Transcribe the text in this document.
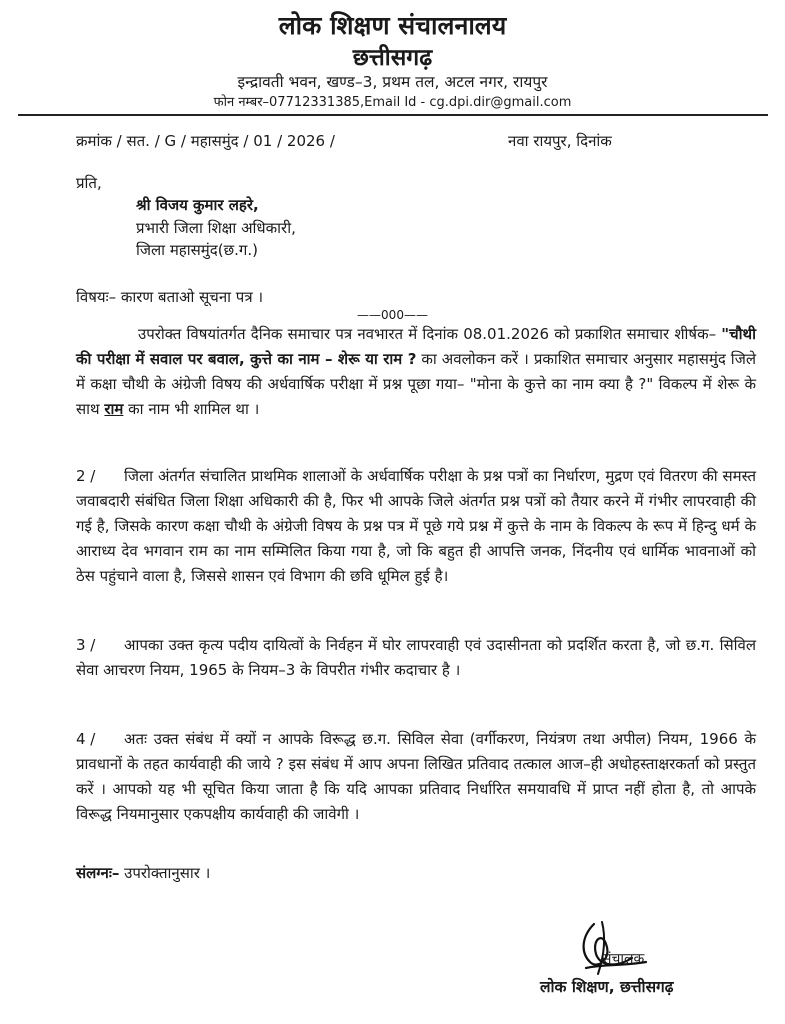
लोक शिक्षण संचालनालय
छत्तीसगढ़
इन्द्रावती भवन, खण्ड–3, प्रथम तल, अटल नगर, रायपुर
फोन नम्बर–07712331385,Email Id - cg.dpi.dir@gmail.com
क्रमांक / सत. / G / महासमुंद / 01 / 2026 /	नवा रायपुर, दिनांक
प्रति,
श्री विजय कुमार लहरे,
प्रभारी जिला शिक्षा अधिकारी,
जिला महासमुंद(छ.ग.)
विषयः– कारण बताओ सूचना पत्र ।
——000——
उपरोक्त विषयांतर्गत दैनिक समाचार पत्र नवभारत में दिनांक 08.01.2026 को प्रकाशित समाचार शीर्षक– "चौथी की परीक्षा में सवाल पर बवाल, कुत्ते का नाम – शेरू या राम ? का अवलोकन करें । प्रकाशित समाचार अनुसार महासमुंद जिले में कक्षा चौथी के अंग्रेजी विषय की अर्धवार्षिक परीक्षा में प्रश्न पूछा गया– "मोना के कुत्ते का नाम क्या है ?" विकल्प में शेरू के साथ राम का नाम भी शामिल था ।
2 / जिला अंतर्गत संचालित प्राथमिक शालाओं के अर्धवार्षिक परीक्षा के प्रश्न पत्रों का निर्धारण, मुद्रण एवं वितरण की समस्त जवाबदारी संबंधित जिला शिक्षा अधिकारी की है, फिर भी आपके जिले अंतर्गत प्रश्न पत्रों को तैयार करने में गंभीर लापरवाही की गई है, जिसके कारण कक्षा चौथी के अंग्रेजी विषय के प्रश्न पत्र में पूछे गये प्रश्न में कुत्ते के नाम के विकल्प के रूप में हिन्दु धर्म के आराध्य देव भगवान राम का नाम सम्मिलित किया गया है, जो कि बहुत ही आपत्ति जनक, निंदनीय एवं धार्मिक भावनाओं को ठेस पहुंचाने वाला है, जिससे शासन एवं विभाग की छवि धूमिल हुई है।
3 / आपका उक्त कृत्य पदीय दायित्वों के निर्वहन में घोर लापरवाही एवं उदासीनता को प्रदर्शित करता है, जो छ.ग. सिविल सेवा आचरण नियम, 1965 के नियम–3 के विपरीत गंभीर कदाचार है ।
4 / अतः उक्त संबंध में क्यों न आपके विरूद्ध छ.ग. सिविल सेवा (वर्गीकरण, नियंत्रण तथा अपील) नियम, 1966 के प्रावधानों के तहत कार्यवाही की जाये ? इस संबंध में आप अपना लिखित प्रतिवाद तत्काल आज–ही अधोहस्ताक्षरकर्ता को प्रस्तुत करें । आपको यह भी सूचित किया जाता है कि यदि आपका प्रतिवाद निर्धारित समयावधि में प्राप्त नहीं होता है, तो आपके विरूद्ध नियमानुसार एकपक्षीय कार्यवाही की जावेगी ।
संलग्नः– उपरोक्तानुसार ।
संचालक
लोक शिक्षण, छत्तीसगढ़
